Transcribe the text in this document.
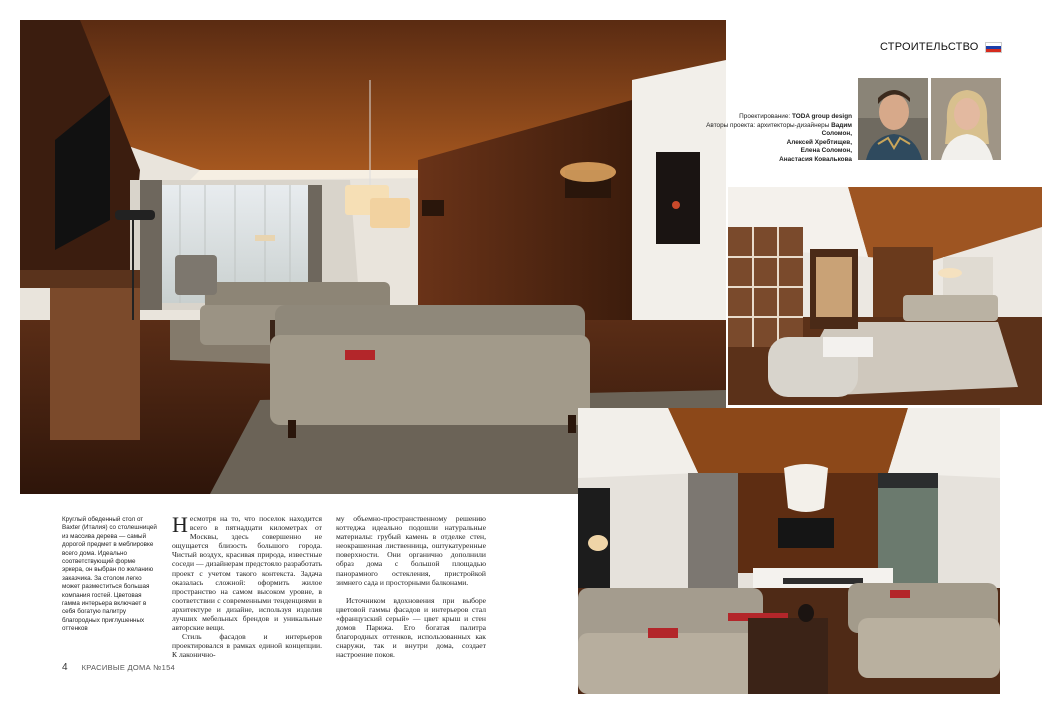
СТРОИТЕЛЬСТВО
Проектирование: TODA group design
Авторы проекта: архитекторы-дизайнеры Вадим Соломон,
Алексей Хребтищев,
Елена Соломон,
Анастасия Ковалькова
Круглый обеденный стол от Baxter (Италия) со столешницей из массива дерева — самый дорогой предмет в меблировке всего дома. Идеально соответствующий форме эркера, он выбран по желанию заказчика. За столом легко может разместиться большая компания гостей. Цветовая гамма интерьера включает в себя богатую палитру благородных приглушенных оттенков

Несмотря на то, что поселок находится всего в пятнадцати километрах от Москвы, здесь совершенно не ощущается близость большого города. Чистый воздух, красивая природа, известные соседи — дизайнерам предстояло разработать проект с учетом такого контекста. Задача оказалась сложной: оформить жилое пространство на самом высоком уровне, в соответствии с современными тенденциями в архитектуре и дизайне, используя изделия лучших мебельных брендов и уникальные авторские вещи.

Стиль фасадов и интерьеров проектировался в рамках единой концепции. К лаконично-

му объемно-пространственному решению коттеджа идеально подошли натуральные материалы: грубый камень в отделке стен, неокрашенная лиственница, оштукатуренные поверхности. Они органично дополнили образ дома с большой площадью панорамного остекления, пристройкой зимнего сада и просторными балконами.

Источником вдохновения при выборе цветовой гаммы фасадов и интерьеров стал «французский серый» — цвет крыш и стен домов Парижа. Его богатая палитра благородных оттенков, использованных как снаружи, так и внутри дома, создает настроение покоя.

4 КРАСИВЫЕ ДОМА №154
